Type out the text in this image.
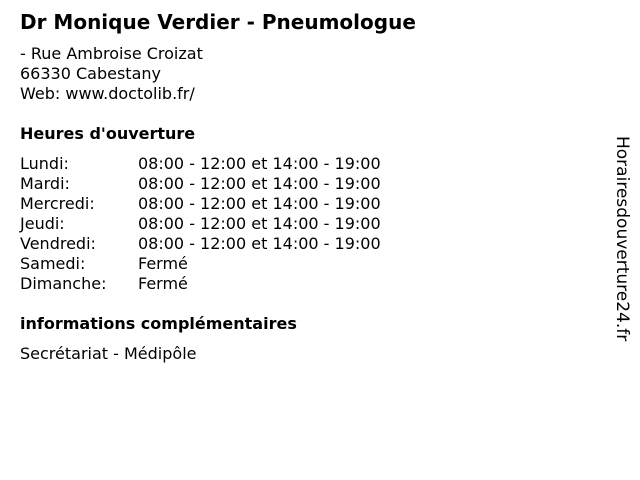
Dr Monique Verdier - Pneumologue
- Rue Ambroise Croizat
66330 Cabestany
Web: www.doctolib.fr/
Heures d'ouverture
Lundi:	08:00 - 12:00 et 14:00 - 19:00
Mardi:	08:00 - 12:00 et 14:00 - 19:00
Mercredi:	08:00 - 12:00 et 14:00 - 19:00
Jeudi:	08:00 - 12:00 et 14:00 - 19:00
Vendredi:	08:00 - 12:00 et 14:00 - 19:00
Samedi:	Fermé
Dimanche:	Fermé
informations complémentaires
Secrétariat - Médipôle
Horairesdouverture24.fr
